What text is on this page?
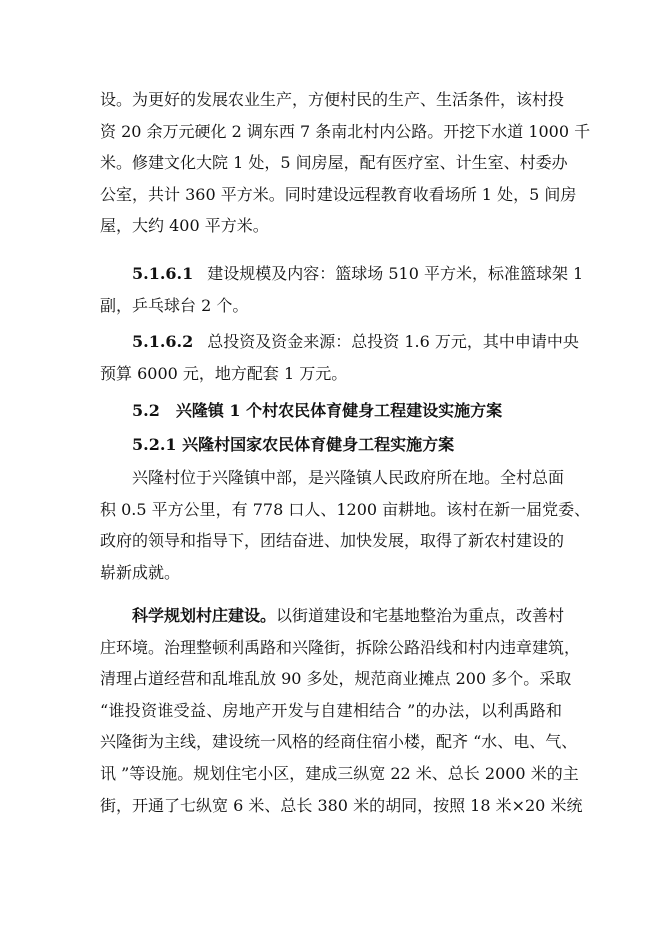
设。为更好的发展农业生产，方便村民的生产、生活条件，该村投
资 20 余万元硬化 2 调东西 7 条南北村内公路。开挖下水道 1000 千
米。修建文化大院 1 处，5 间房屋，配有医疗室、计生室、村委办
公室，共计 360 平方米。同时建设远程教育收看场所 1 处，5 间房
屋，大约 400 平方米。
5.1.6.1 建设规模及内容：篮球场 510 平方米，标准篮球架 1
副，乒乓球台 2 个。
5.1.6.2 总投资及资金来源：总投资 1.6 万元，其中申请中央
预算 6000 元，地方配套 1 万元。
5.2　兴隆镇 1 个村农民体育健身工程建设实施方案
5.2.1 兴隆村国家农民体育健身工程实施方案
兴隆村位于兴隆镇中部，是兴隆镇人民政府所在地。全村总面
积 0.5 平方公里，有 778 口人、1200 亩耕地。该村在新一届党委、
政府的领导和指导下，团结奋进、加快发展，取得了新农村建设的
崭新成就。
科学规划村庄建设。以街道建设和宅基地整治为重点，改善村
庄环境。治理整顿利禹路和兴隆街，拆除公路沿线和村内违章建筑，
清理占道经营和乱堆乱放 90 多处，规范商业摊点 200 多个。采取
“谁投资谁受益、房地产开发与自建相结合 ”的办法，以利禹路和
兴隆街为主线，建设统一风格的经商住宿小楼，配齐 “水、电、气、
讯 ”等设施。规划住宅小区，建成三纵宽 22 米、总长 2000 米的主
街，开通了七纵宽 6 米、总长 380 米的胡同，按照 18 米×20 米统
